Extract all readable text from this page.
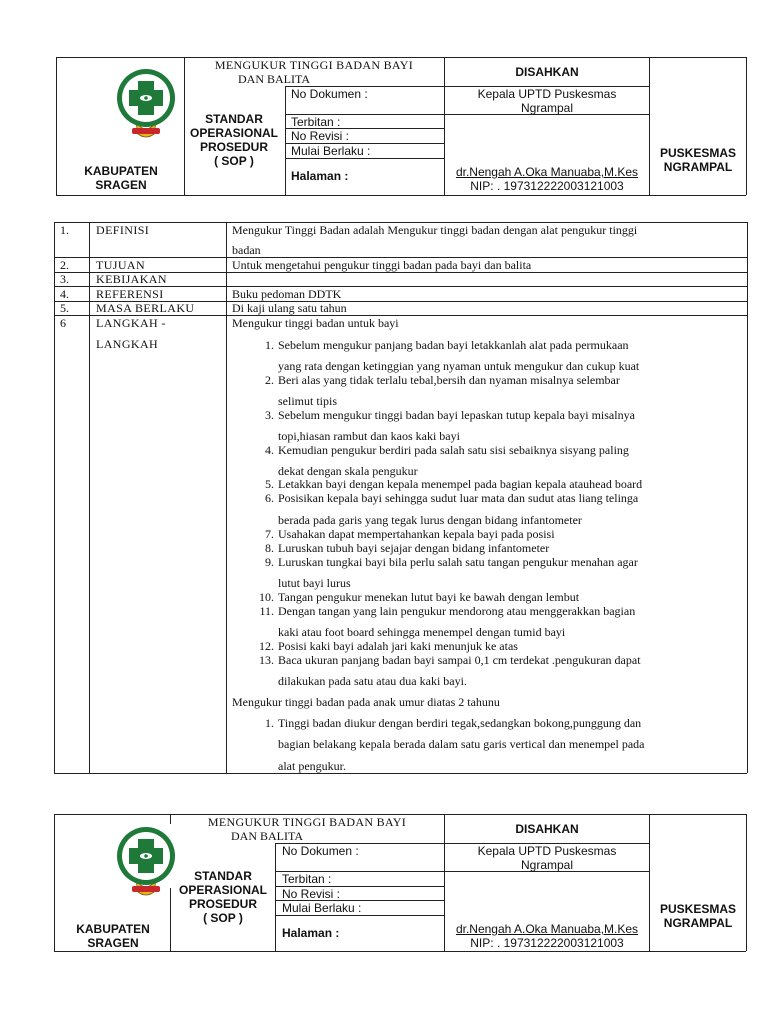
KABUPATEN
SRAGEN
MENGUKUR TINGGI BADAN BAYI
DAN BALITA
STANDAR
OPERASIONAL
PROSEDUR
( SOP )
No Dokumen :
Terbitan :
No Revisi :
Mulai Berlaku :
Halaman :
DISAHKAN
Kepala UPTD Puskesmas
Ngrampal
dr.Nengah A.Oka Manuaba,M.Kes
NIP: . 197312222003121003
PUSKESMAS
NGRAMPAL
1. DEFINISI	Mengukur Tinggi Badan adalah Mengukur tinggi badan dengan alat pengukur tinggi
badan
2. TUJUAN	Untuk mengetahui pengukur tinggi badan pada bayi dan balita
3. KEBIJAKAN
4. REFERENSI	Buku pedoman DDTK
5. MASA BERLAKU	Di kaji ulang satu tahun
6	LANGKAH -
LANGKAH
Mengukur tinggi badan untuk bayi
1. Sebelum mengukur panjang badan bayi letakkanlah alat pada permukaan
yang rata dengan ketinggian yang nyaman untuk mengukur dan cukup kuat
2. Beri alas yang tidak terlalu tebal,bersih dan nyaman misalnya selembar
selimut tipis
3. Sebelum mengukur tinggi badan bayi lepaskan tutup kepala bayi misalnya
topi,hiasan rambut dan kaos kaki bayi
4. Kemudian pengukur berdiri pada salah satu sisi sebaiknya sisyang paling
dekat dengan skala pengukur
5. Letakkan bayi dengan kepala menempel pada bagian kepala atauhead board
6. Posisikan kepala bayi sehingga sudut luar mata dan sudut atas liang telinga
berada pada garis yang tegak lurus dengan bidang infantometer
7. Usahakan dapat mempertahankan kepala bayi pada posisi
8. Luruskan tubuh bayi sejajar dengan bidang infantometer
9. Luruskan tungkai bayi bila perlu salah satu tangan pengukur menahan agar
lutut bayi lurus
10. Tangan pengukur menekan lutut bayi ke bawah dengan lembut
11. Dengan tangan yang lain pengukur mendorong atau menggerakkan bagian
kaki atau foot board sehingga menempel dengan tumid bayi
12. Posisi kaki bayi adalah jari kaki menunjuk ke atas
13. Baca ukuran panjang badan bayi sampai 0,1 cm terdekat .pengukuran dapat
dilakukan pada satu atau dua kaki bayi.
Mengukur tinggi badan pada anak umur diatas 2 tahunu
1. Tinggi badan diukur dengan berdiri tegak,sedangkan bokong,punggung dan
bagian belakang kepala berada dalam satu garis vertical dan menempel pada
alat pengukur.
KABUPATEN
SRAGEN
MENGUKUR TINGGI BADAN BAYI
DAN BALITA
STANDAR
OPERASIONAL
PROSEDUR
( SOP )
No Dokumen :
Terbitan :
No Revisi :
Mulai Berlaku :
Halaman :
DISAHKAN
Kepala UPTD Puskesmas
Ngrampal
dr.Nengah A.Oka Manuaba,M.Kes
NIP: . 197312222003121003
PUSKESMAS
NGRAMPAL
